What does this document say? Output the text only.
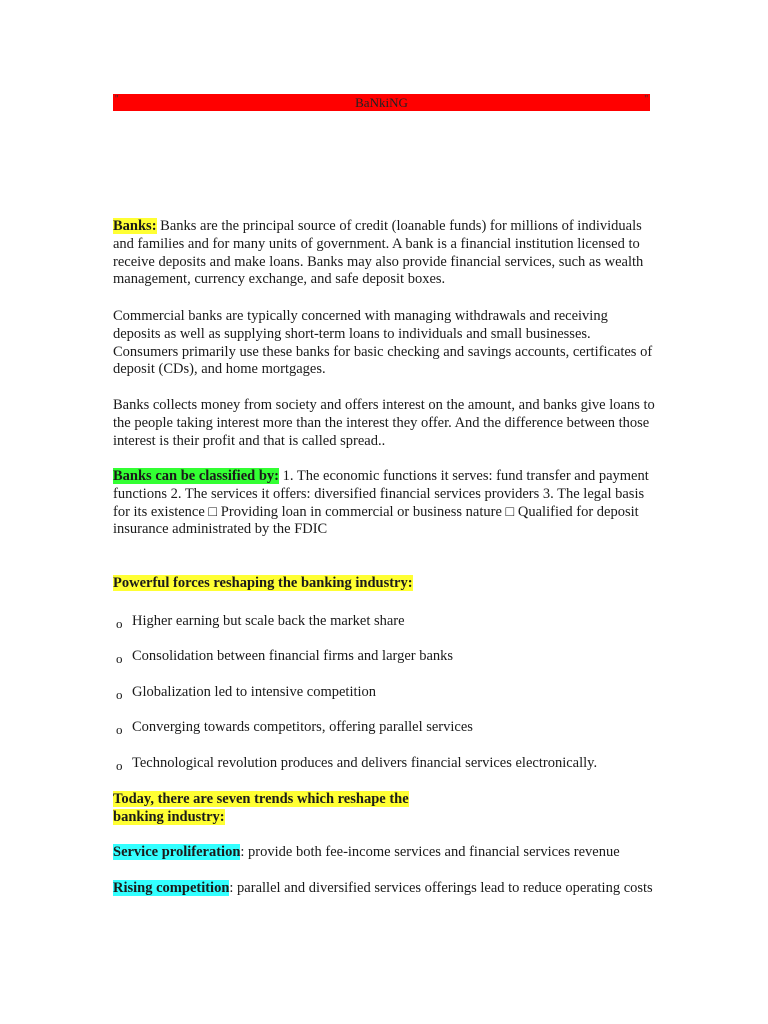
''	BaNkiNG	''

Banks: Banks are the principal source of credit (loanable funds) for millions of individuals and families and for many units of government. A bank is a financial institution licensed to receive deposits and make loans. Banks may also provide financial services, such as wealth management, currency exchange, and safe deposit boxes.

Commercial banks are typically concerned with managing withdrawals and receiving deposits as well as supplying short-term loans to individuals and small businesses. Consumers primarily use these banks for basic checking and savings accounts, certificates of deposit (CDs), and home mortgages.

Banks collects money from society and offers interest on the amount, and banks give loans to the people taking interest more than the interest they offer. And the difference between those interest is their profit and that is called spread..

Banks can be classified by: 1. The economic functions it serves: fund transfer and payment functions 2. The services it offers: diversified financial services providers 3. The legal basis for its existence □ Providing loan in commercial or business nature □ Qualified for deposit insurance administrated by the FDIC

Powerful forces reshaping the banking industry:

o Higher earning but scale back the market share
o Consolidation between financial firms and larger banks
o Globalization led to intensive competition
o Converging towards competitors, offering parallel services
o Technological revolution produces and delivers financial services electronically.

Today, there are seven trends which reshape the
banking industry:

Service proliferation: provide both fee-income services and financial services revenue

Rising competition: parallel and diversified services offerings lead to reduce operating costs
